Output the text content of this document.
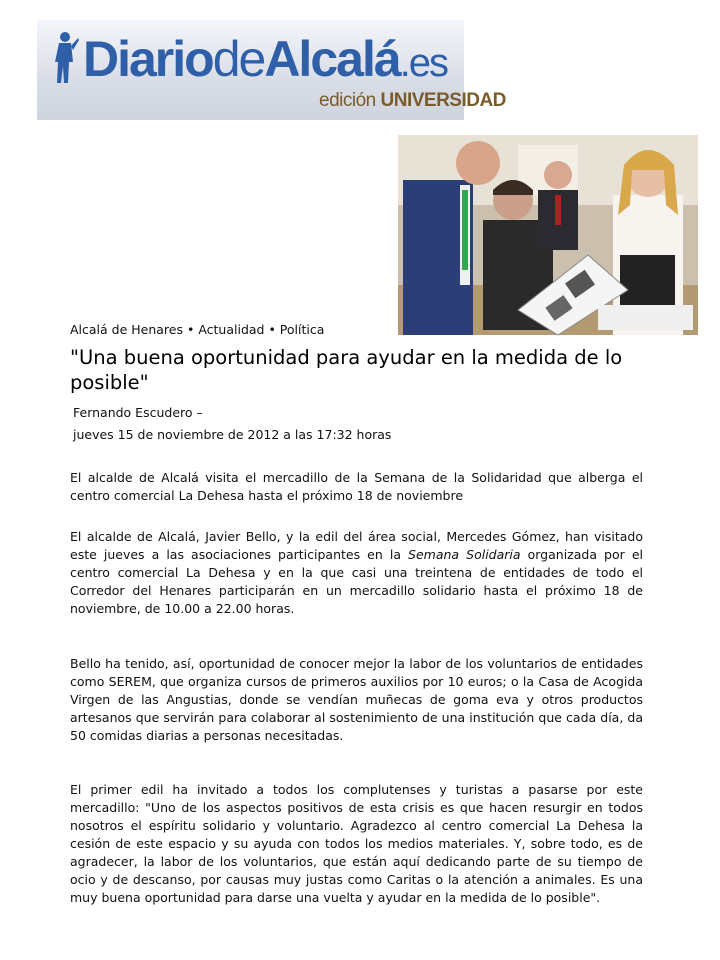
DiariodeAlcalá.es
edición UNIVERSIDAD
Alcalá de Henares • Actualidad • Política
"Una buena oportunidad para ayudar en la medida de lo posible"
Fernando Escudero –
jueves 15 de noviembre de 2012 a las 17:32 horas

El alcalde de Alcalá visita el mercadillo de la Semana de la Solidaridad que alberga el centro comercial La Dehesa hasta el próximo 18 de noviembre

El alcalde de Alcalá, Javier Bello, y la edil del área social, Mercedes Gómez, han visitado este jueves a las asociaciones participantes en la Semana Solidaria organizada por el centro comercial La Dehesa y en la que casi una treintena de entidades de todo el Corredor del Henares participarán en un mercadillo solidario hasta el próximo 18 de noviembre, de 10.00 a 22.00 horas.

Bello ha tenido, así, oportunidad de conocer mejor la labor de los voluntarios de entidades como SEREM, que organiza cursos de primeros auxilios por 10 euros; o la Casa de Acogida Virgen de las Angustias, donde se vendían muñecas de goma eva y otros productos artesanos que servirán para colaborar al sostenimiento de una institución que cada día, da 50 comidas diarias a personas necesitadas.

El primer edil ha invitado a todos los complutenses y turistas a pasarse por este mercadillo: "Uno de los aspectos positivos de esta crisis es que hacen resurgir en todos nosotros el espíritu solidario y voluntario. Agradezco al centro comercial La Dehesa la cesión de este espacio y su ayuda con todos los medios materiales. Y, sobre todo, es de agradecer, la labor de los voluntarios, que están aquí dedicando parte de su tiempo de ocio y de descanso, por causas muy justas como Caritas o la atención a animales. Es una muy buena oportunidad para darse una vuelta y ayudar en la medida de lo posible".
